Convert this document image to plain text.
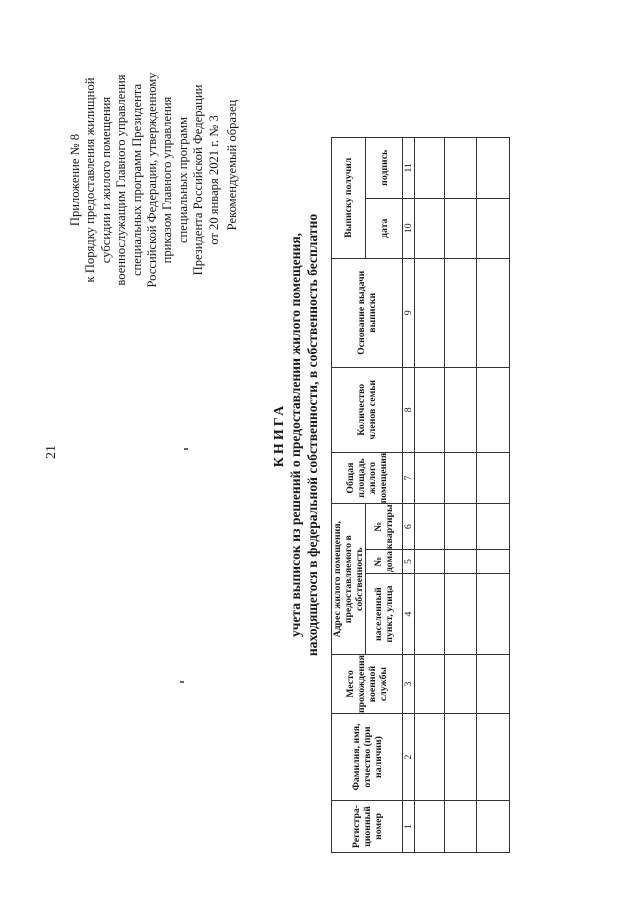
21
Приложение № 8 к Порядку предоставления жилищной субсидии и жилого помещения военнослужащим Главного управления специальных программ Президента Российской Федерации, утвержденному приказом Главного управления специальных программ Президента Российской Федерации от 20 января 2021 г. № 3 Рекомендуемый образец
КНИГА учета выписок из решений о предоставлении жилого помещения, находящегося в федеральной собственности, в собственность бесплатно
Регистра-ционный номер	Фамилия, имя, отчество (при наличии)	Место прохождения военной службы	Адрес жилого помещения, предоставляемого в собственность			Общая площадь жилого помещения	Количество членов семьи	Основание выдачи выписки	Выписку получил	
			населенный пункт, улица	№ дома	№ квартиры				дата	подпись
1	2	3	4	5	6	7	8	9	10	11
